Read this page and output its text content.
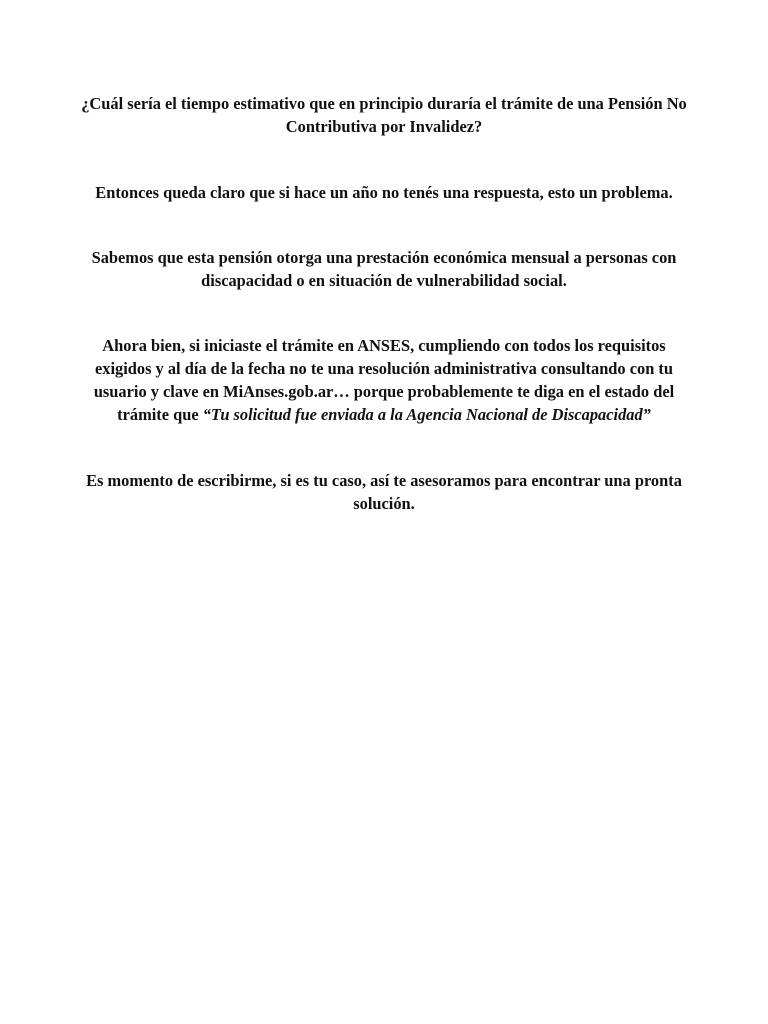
¿Cuál sería el tiempo estimativo que en principio duraría el trámite de una Pensión No Contributiva por Invalidez?

Entonces queda claro que si hace un año no tenés una respuesta, esto un problema.

Sabemos que esta pensión otorga una prestación económica mensual a personas con discapacidad o en situación de vulnerabilidad social.

Ahora bien, si iniciaste el trámite en ANSES, cumpliendo con todos los requisitos exigidos y al día de la fecha no te una resolución administrativa consultando con tu usuario y clave en MiAnses.gob.ar… porque probablemente te diga en el estado del trámite que “Tu solicitud fue enviada a la Agencia Nacional de Discapacidad”

Es momento de escribirme, si es tu caso, así te asesoramos para encontrar una pronta solución.
